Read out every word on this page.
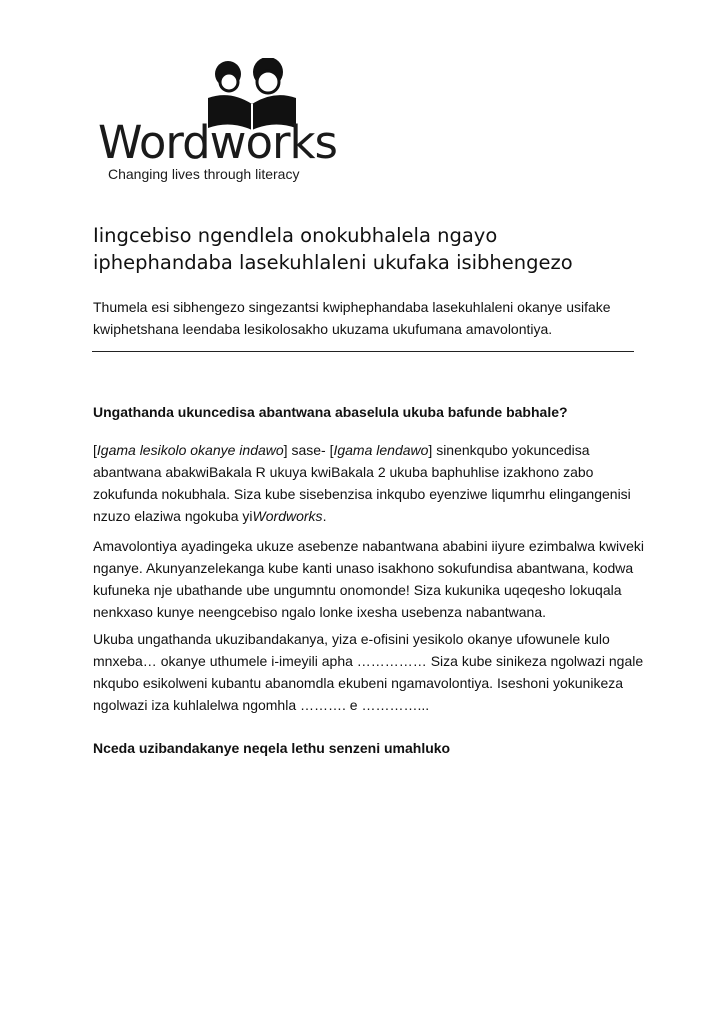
Wordworks
Changing lives through literacy
Iingcebiso ngendlela onokubhalela ngayo
iphephandaba lasekuhlaleni ukufaka isibhengezo

Thumela esi sibhengezo singezantsi kwiphephandaba lasekuhlaleni okanye usifake
kwiphetshana leendaba lesikolosakho ukuzama ukufumana amavolontiya.

Ungathanda ukuncedisa abantwana abaselula ukuba bafunde babhale?

[Igama lesikolo okanye indawo] sase- [Igama lendawo] sinenkqubo yokuncedisa
abantwana abakwiBakala R ukuya kwiBakala 2 ukuba baphuhlise izakhono zabo
zokufunda nokubhala. Siza kube sisebenzisa inkqubo eyenziwe liqumrhu elingangenisi
nzuzo elaziwa ngokuba yiWordworks.

Amavolontiya ayadingeka ukuze asebenze nabantwana ababini iiyure ezimbalwa kwiveki
nganye. Akunyanzelekanga kube kanti unaso isakhono sokufundisa abantwana, kodwa
kufuneka nje ubathande ube ungumntu onomonde! Siza kukunika uqeqesho lokuqala
nenkxaso kunye neengcebiso ngalo lonke ixesha usebenza nabantwana.

Ukuba ungathanda ukuzibandakanya, yiza e-ofisini yesikolo okanye ufowunele kulo
mnxeba… okanye uthumele i-imeyili apha …………… Siza kube sinikeza ngolwazi ngale
nkqubo esikolweni kubantu abanomdla ekubeni ngamavolontiya. Iseshoni yokunikeza
ngolwazi iza kuhlalelwa ngomhla ………. e …………...

Nceda uzibandakanye neqela lethu senzeni umahluko
